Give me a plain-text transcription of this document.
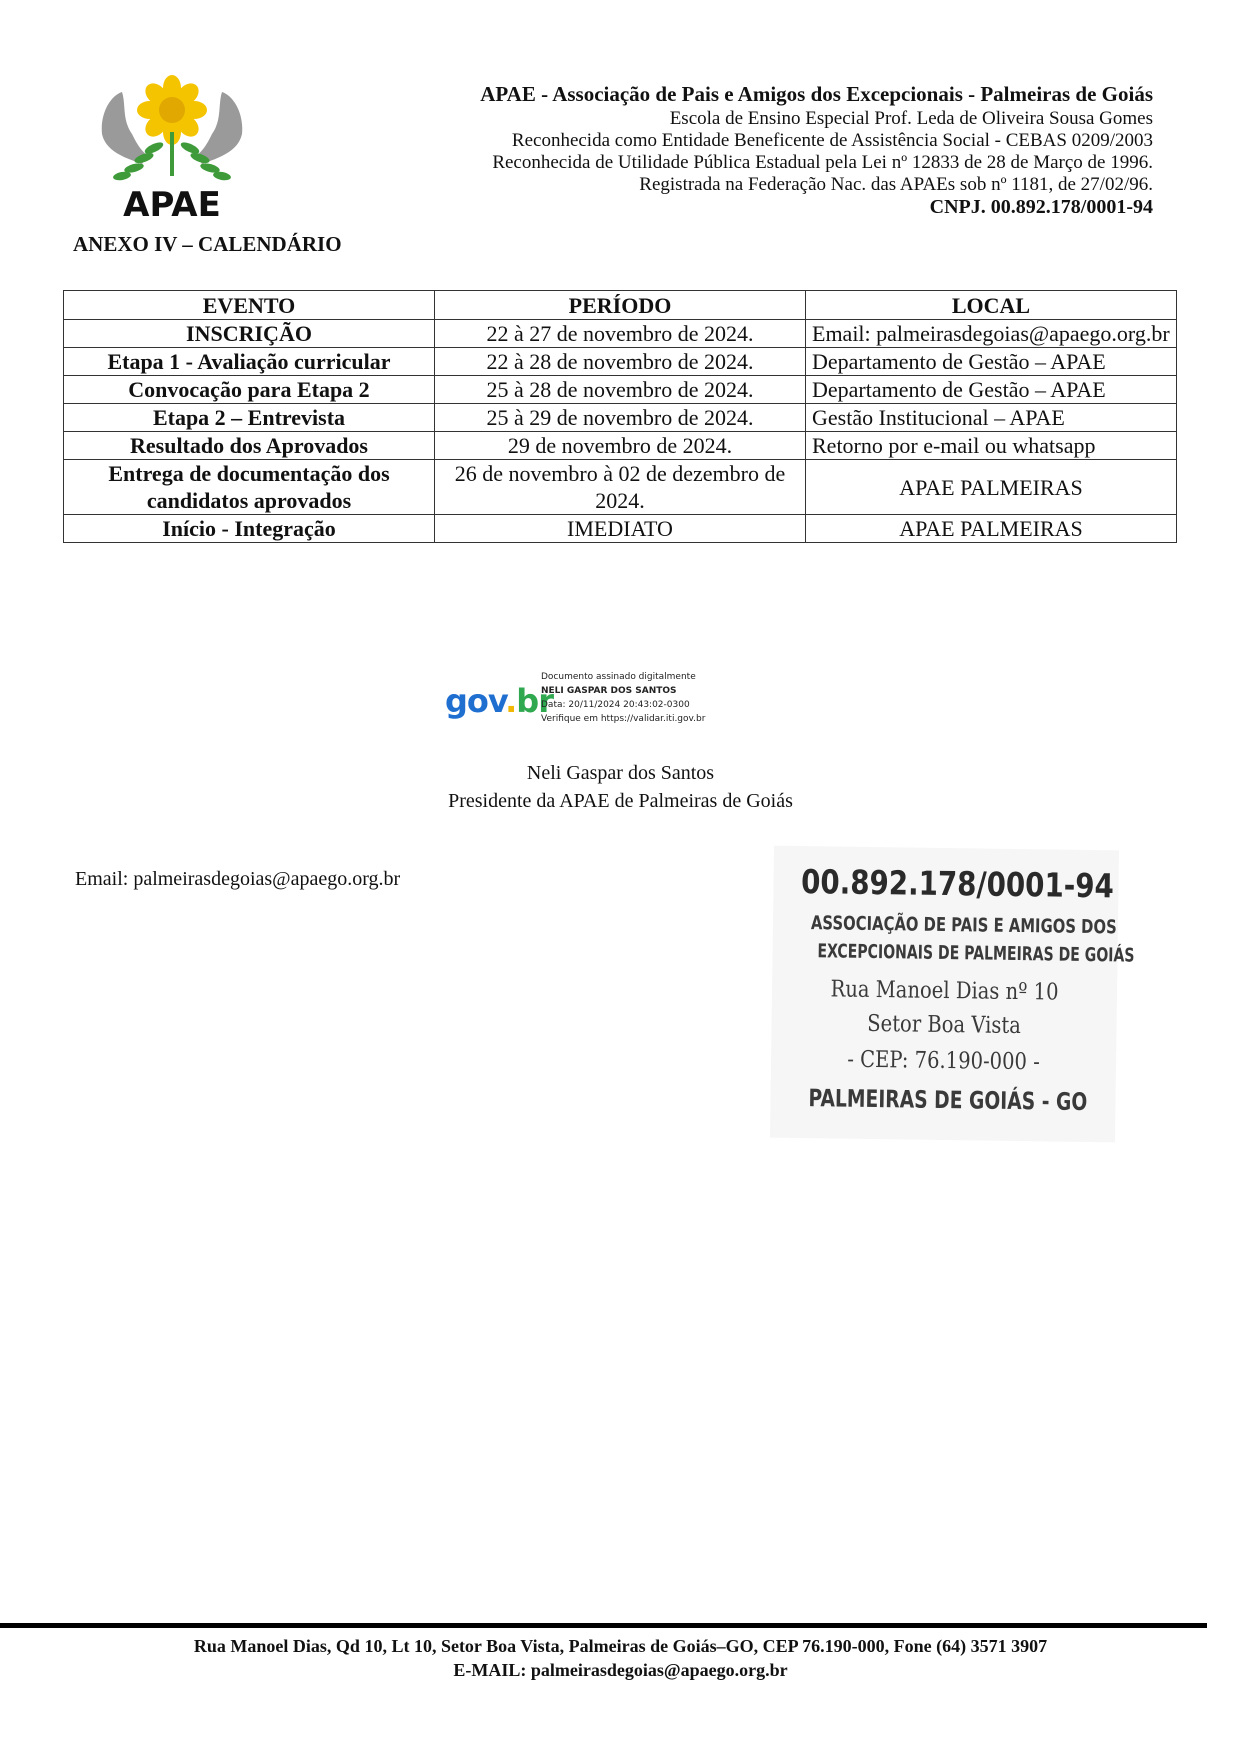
APAE
APAE - Associação de Pais e Amigos dos Excepcionais - Palmeiras de Goiás
Escola de Ensino Especial Prof. Leda de Oliveira Sousa Gomes
Reconhecida como Entidade Beneficente de Assistência Social - CEBAS 0209/2003
Reconhecida de Utilidade Pública Estadual pela Lei nº 12833 de 28 de Março de 1996.
Registrada na Federação Nac. das APAEs sob nº 1181, de 27/02/96.
CNPJ. 00.892.178/0001-94
ANEXO IV – CALENDÁRIO
EVENTO	PERÍODO	LOCAL
INSCRIÇÃO	22 à 27 de novembro de 2024.	Email: palmeirasdegoias@apaego.org.br
Etapa 1 - Avaliação curricular	22 à 28 de novembro de 2024.	Departamento de Gestão – APAE
Convocação para Etapa 2	25 à 28 de novembro de 2024.	Departamento de Gestão – APAE
Etapa 2 – Entrevista	25 à 29 de novembro de 2024.	Gestão Institucional – APAE
Resultado dos Aprovados	29 de novembro de 2024.	Retorno por e-mail ou whatsapp
Entrega de documentação dos candidatos aprovados	26 de novembro à 02 de dezembro de 2024.	APAE PALMEIRAS
Início - Integração	IMEDIATO	APAE PALMEIRAS
gov.br
Documento assinado digitalmente
NELI GASPAR DOS SANTOS
Data: 20/11/2024 20:43:02-0300
Verifique em https://validar.iti.gov.br
Neli Gaspar dos Santos
Presidente da APAE de Palmeiras de Goiás
Email: palmeirasdegoias@apaego.org.br	00.892.178/0001-94
ASSOCIAÇÃO DE PAIS E AMIGOS DOS
EXCEPCIONAIS DE PALMEIRAS DE GOIÁS
Rua Manoel Dias nº 10
Setor Boa Vista
- CEP: 76.190-000 -
PALMEIRAS DE GOIÁS - GO
Rua Manoel Dias, Qd 10, Lt 10, Setor Boa Vista, Palmeiras de Goiás–GO, CEP 76.190-000, Fone (64) 3571 3907
E-MAIL: palmeirasdegoias@apaego.org.br
